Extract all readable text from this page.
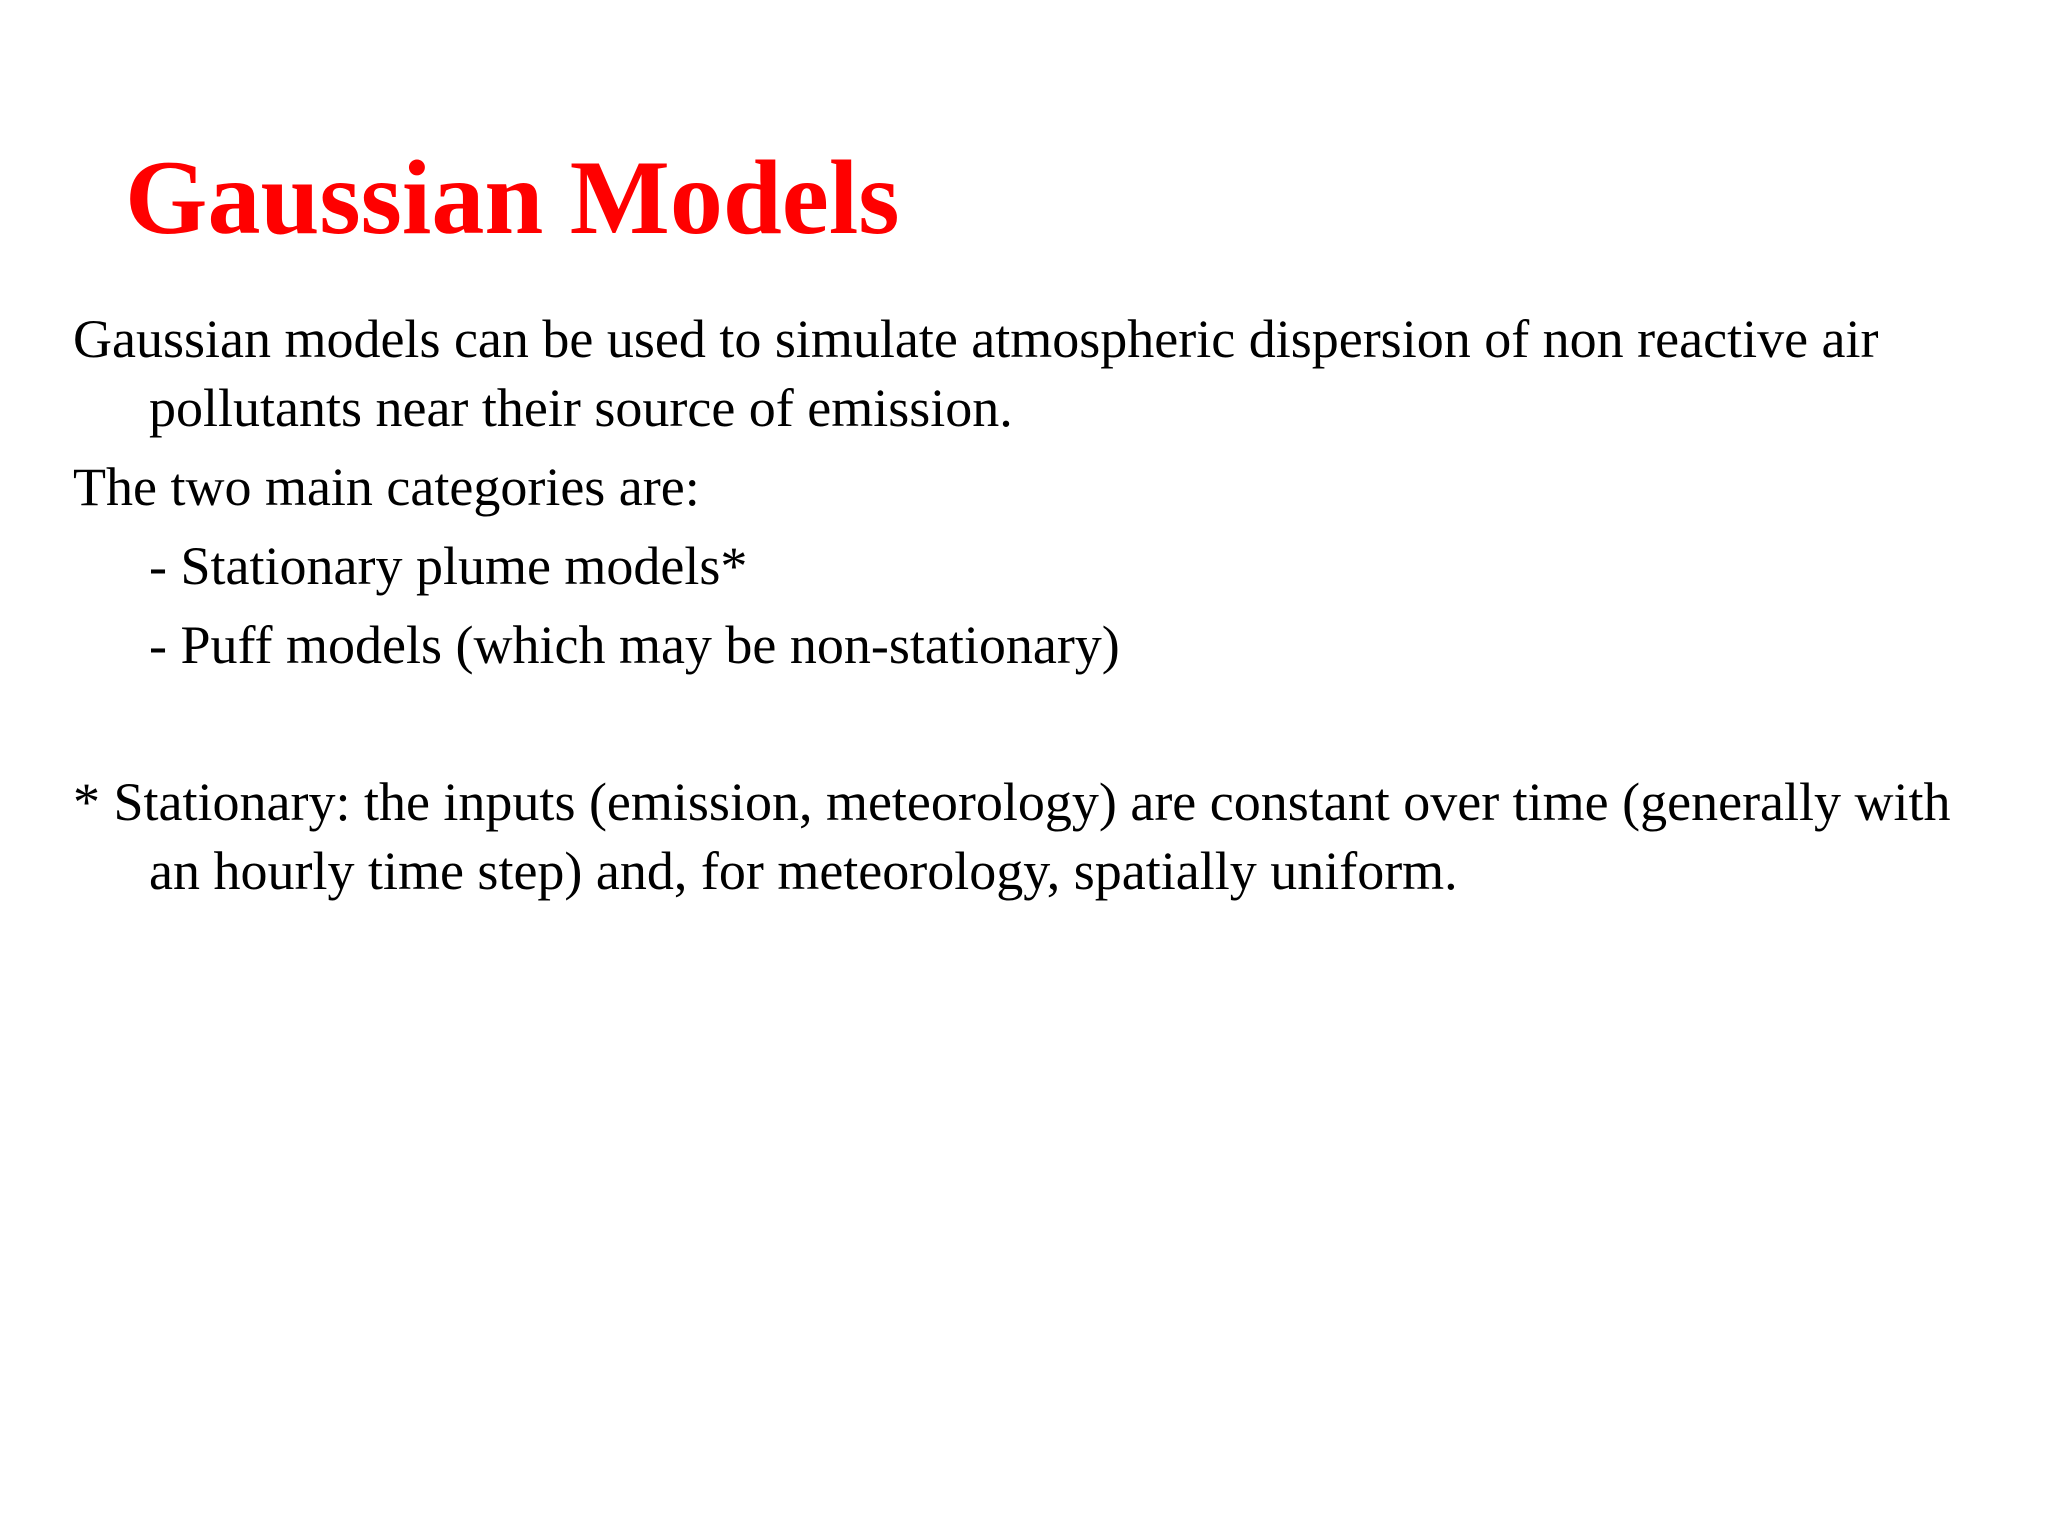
Gaussian Models

Gaussian models can be used to simulate atmospheric dispersion of non reactive air pollutants near their source of emission.

The two main categories are:

- Stationary plume models*

- Puff models (which may be non-stationary)

* Stationary: the inputs (emission, meteorology) are constant over time (generally with an hourly time step) and, for meteorology, spatially uniform.
